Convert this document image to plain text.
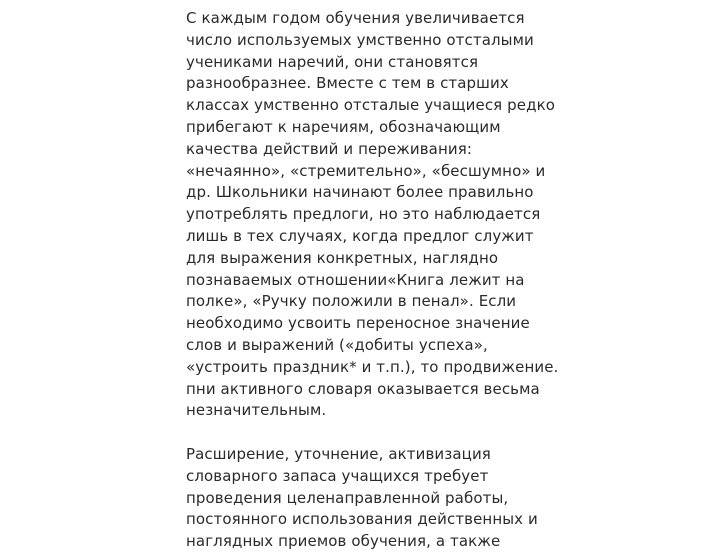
С каждым годом обучения увеличивается
число используемых умственно отсталыми
учениками наречий, они становятся
разнообразнее. Вместе с тем в старших
классах умственно отсталые учащиеся редко
прибегают к наречиям, обозначающим
качества действий и переживания:
«нечаянно», «стремительно», «бесшумно» и
др. Школьники начинают более правильно
употреблять предлоги, но это наблюдается
лишь в тех случаях, когда предлог служит
для выражения конкретных, наглядно
познаваемых отношении«Книга лежит на
полке», «Ручку положили в пенал». Если
необходимо усвоить переносное значение
слов и выражений («добиты успеха»,
«устроить праздник* и т.п.), то продвижение.
пни активного словаря оказывается весьма
незначительным.
Расширение, уточнение, активизация
словарного запаса учащихся требует
проведения целенаправленной работы,
постоянного использования действенных и
наглядных приемов обучения, а также
